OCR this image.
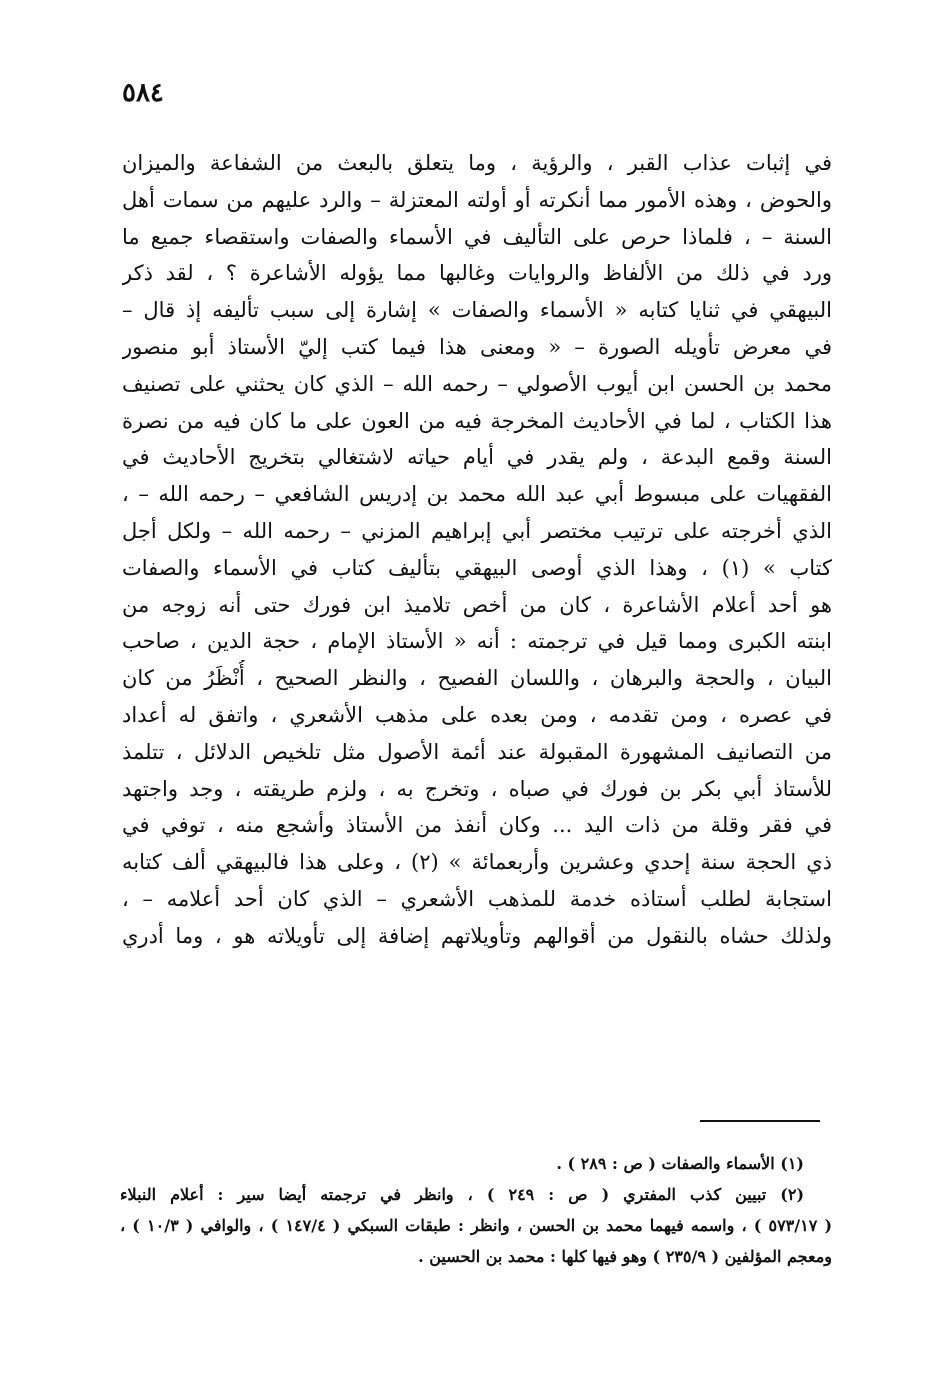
٥٨٤
في إثبات عذاب القبر ، والرؤية ، وما يتعلق بالبعث من الشفاعة والميزان
والحوض ، وهذه الأمور مما أنكرته أو أولته المعتزلة – والرد عليهم من سمات أهل
السنة – ، فلماذا حرص على التأليف في الأسماء والصفات واستقصاء جميع ما
ورد في ذلك من الألفاظ والروايات وغالبها مما يؤوله الأشاعرة ؟ ، لقد ذكر
البيهقي في ثنايا كتابه « الأسماء والصفات » إشارة إلى سبب تأليفه إذ قال –
في معرض تأويله الصورة – « ومعنى هذا فيما كتب إليّ الأستاذ أبو منصور
محمد بن الحسن ابن أيوب الأصولي – رحمه الله – الذي كان يحثني على تصنيف
هذا الكتاب ، لما في الأحاديث المخرجة فيه من العون على ما كان فيه من نصرة
السنة وقمع البدعة ، ولم يقدر في أيام حياته لاشتغالي بتخريج الأحاديث في
الفقهيات على مبسوط أبي عبد الله محمد بن إدريس الشافعي – رحمه الله – ،
الذي أخرجته على ترتيب مختصر أبي إبراهيم المزني – رحمه الله – ولكل أجل
كتاب » (١) ، وهذا الذي أوصى البيهقي بتأليف كتاب في الأسماء والصفات
هو أحد أعلام الأشاعرة ، كان من أخص تلاميذ ابن فورك حتى أنه زوجه من
ابنته الكبرى ومما قيل في ترجمته : أنه « الأستاذ الإمام ، حجة الدين ، صاحب
البيان ، والحجة والبرهان ، واللسان الفصيح ، والنظر الصحيح ، أُنْظَرُ من كان
في عصره ، ومن تقدمه ، ومن بعده على مذهب الأشعري ، واتفق له أعداد
من التصانيف المشهورة المقبولة عند أئمة الأصول مثل تلخيص الدلائل ، تتلمذ
للأستاذ أبي بكر بن فورك في صباه ، وتخرج به ، ولزم طريقته ، وجد واجتهد
في فقر وقلة من ذات اليد ... وكان أنفذ من الأستاذ وأشجع منه ، توفي في
ذي الحجة سنة إحدي وعشرين وأربعمائة » (٢) ، وعلى هذا فالبيهقي ألف كتابه
استجابة لطلب أستاذه خدمة للمذهب الأشعري – الذي كان أحد أعلامه – ،
ولذلك حشاه بالنقول من أقوالهم وتأويلاتهم إضافة إلى تأويلاته هو ، وما أدري
(١) الأسماء والصفات ( ص : ٢٨٩ ) .
(٢) تبيين كذب المفتري ( ص : ٢٤٩ ) ، وانظر في ترجمته أيضا سير : أعلام النبلاء
( ٥٧٣/١٧ ) ، واسمه فيهما محمد بن الحسن ، وانظر : طبقات السبكي ( ١٤٧/٤ ) ، والوافي ( ١٠/٣ ) ،
ومعجم المؤلفين ( ٢٣٥/٩ ) وهو فيها كلها : محمد بن الحسين .
